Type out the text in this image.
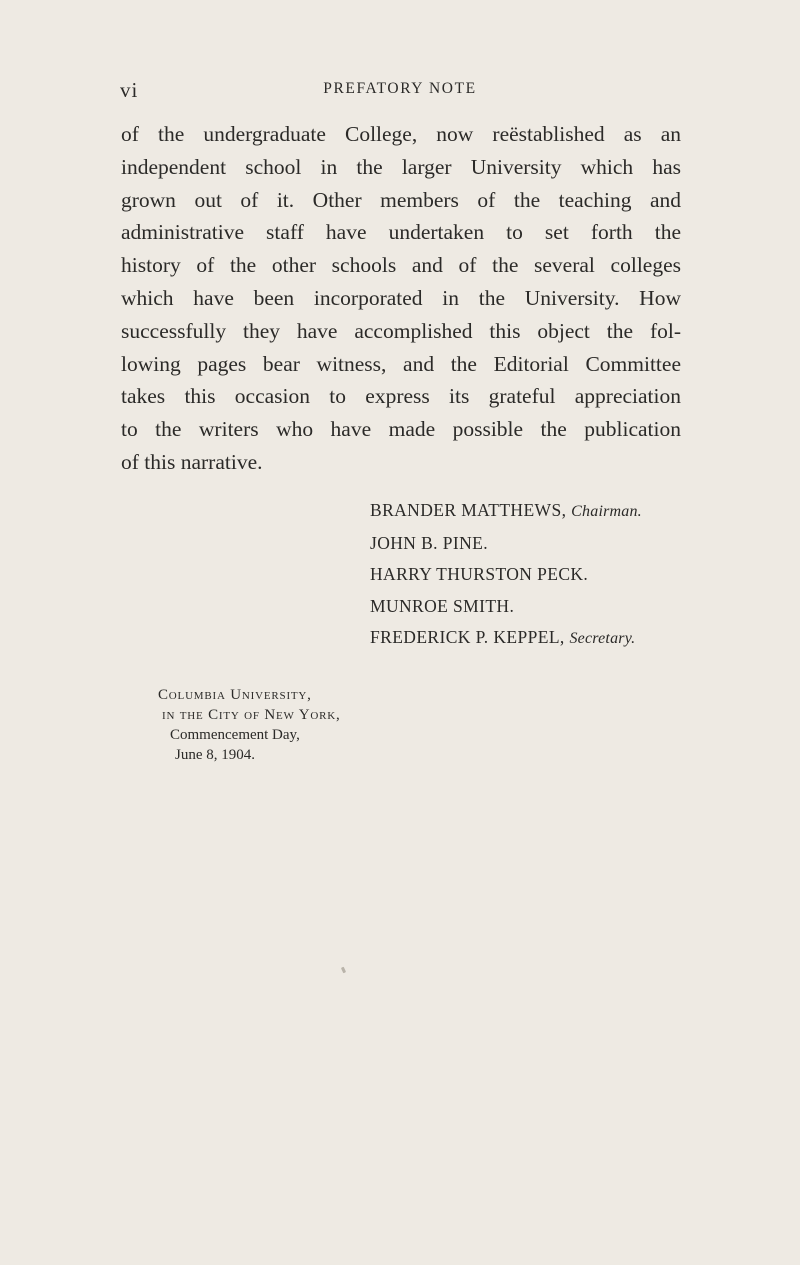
vi	PREFATORY NOTE
of the undergraduate College, now reëstablished as an
independent school in the larger University which has
grown out of it. Other members of the teaching and
administrative staff have undertaken to set forth the
history of the other schools and of the several colleges
which have been incorporated in the University. How
successfully they have accomplished this object the fol-
lowing pages bear witness, and the Editorial Committee
takes this occasion to express its grateful appreciation
to the writers who have made possible the publication
of this narrative.
BRANDER MATTHEWS, Chairman.
JOHN B. PINE.
HARRY THURSTON PECK.
MUNROE SMITH.
FREDERICK P. KEPPEL, Secretary.
Columbia University,
in the City of New York,
Commencement Day,
June 8, 1904.
